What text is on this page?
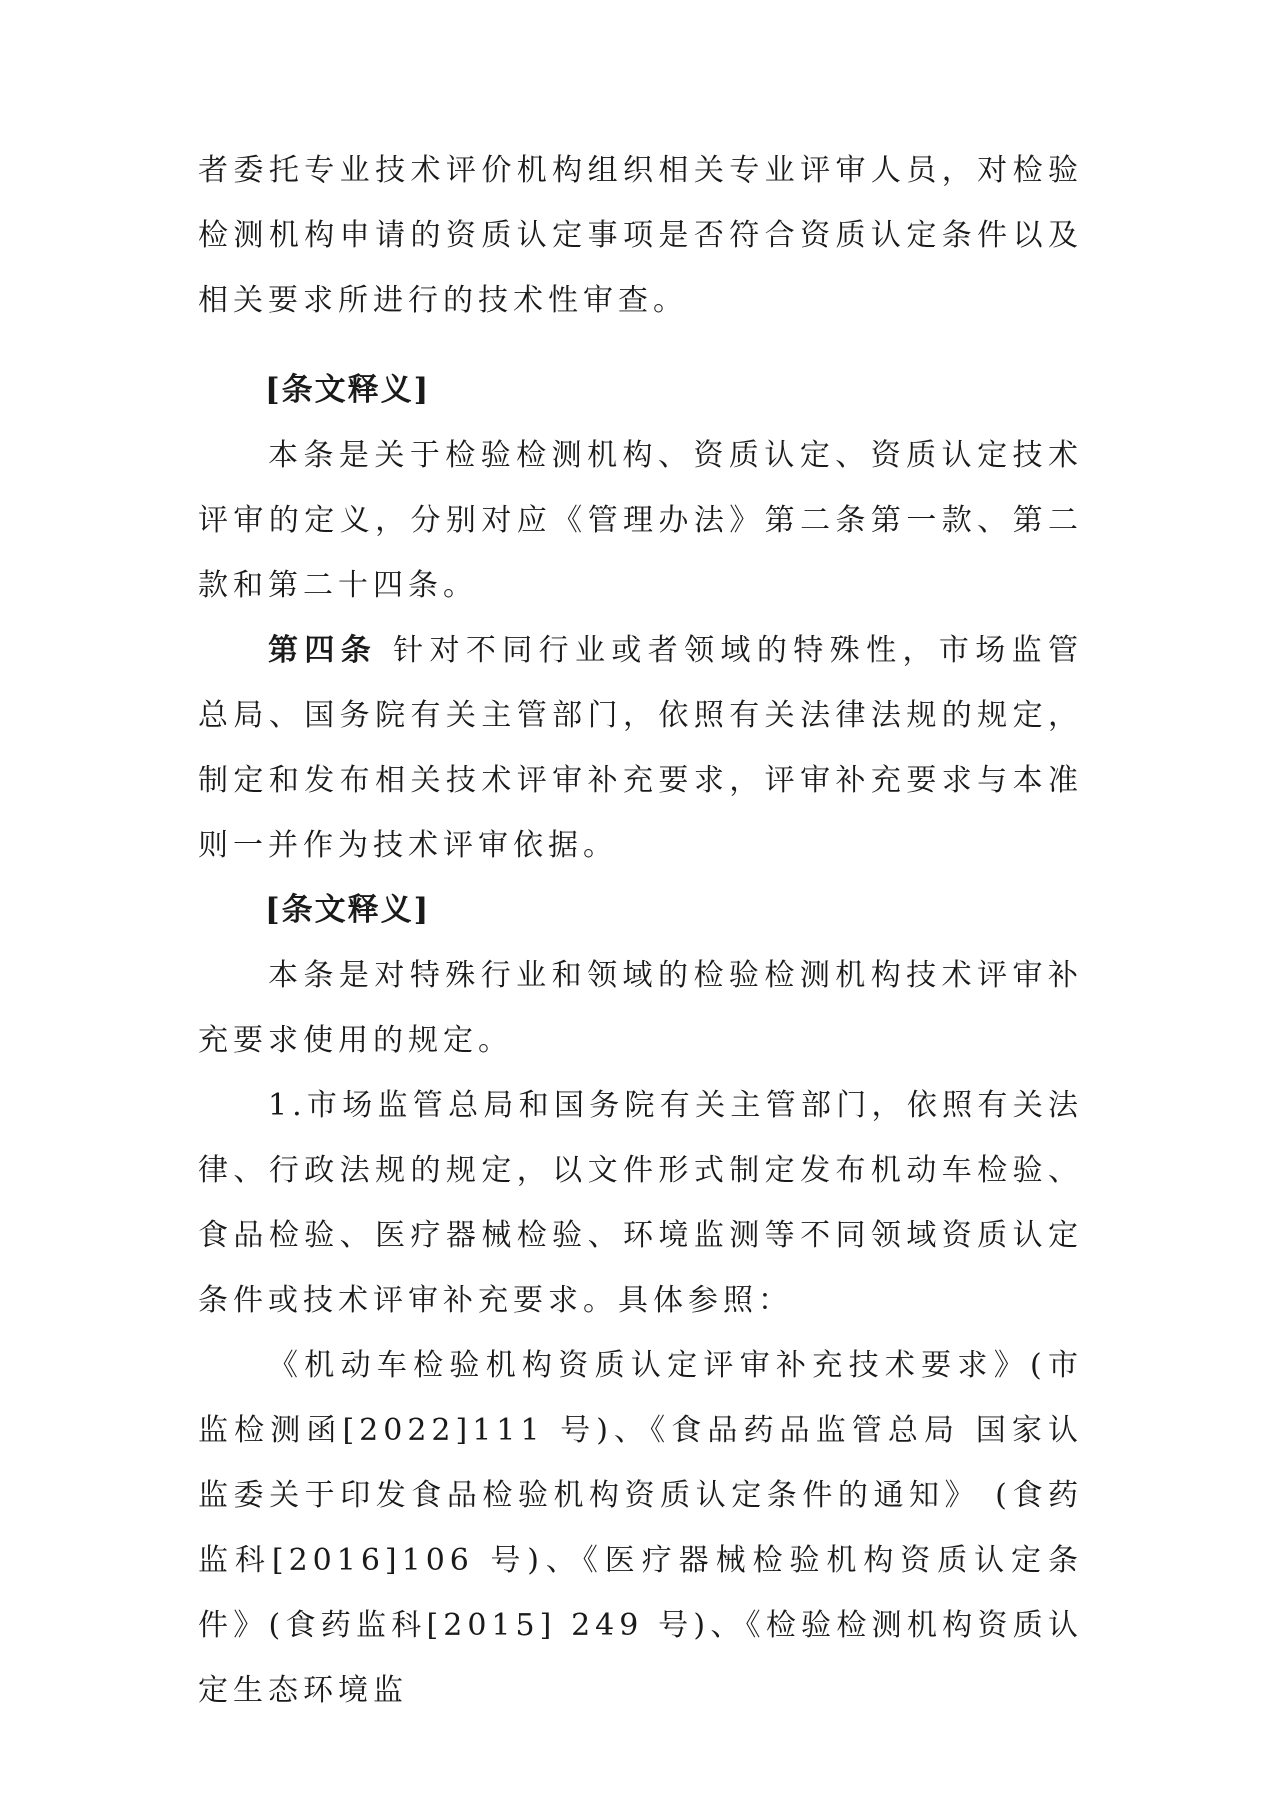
者委托专业技术评价机构组织相关专业评审人员，对检验检测机构申请的资质认定事项是否符合资质认定条件以及相关要求所进行的技术性审查。

[条文释义]

本条是关于检验检测机构、资质认定、资质认定技术评审的定义，分别对应《管理办法》第二条第一款、第二款和第二十四条。

第四条 针对不同行业或者领域的特殊性，市场监管总局、国务院有关主管部门，依照有关法律法规的规定，制定和发布相关技术评审补充要求，评审补充要求与本准则一并作为技术评审依据。

[条文释义]

本条是对特殊行业和领域的检验检测机构技术评审补充要求使用的规定。

1.市场监管总局和国务院有关主管部门，依照有关法律、行政法规的规定，以文件形式制定发布机动车检验、食品检验、医疗器械检验、环境监测等不同领域资质认定条件或技术评审补充要求。具体参照：

《机动车检验机构资质认定评审补充技术要求》(市监检测函[2022]111 号)、《食品药品监管总局 国家认监委关于印发食品检验机构资质认定条件的通知》 (食药监科[2016]106 号)、《医疗器械检验机构资质认定条件》(食药监科[2015] 249 号)、《检验检测机构资质认定生态环境监
